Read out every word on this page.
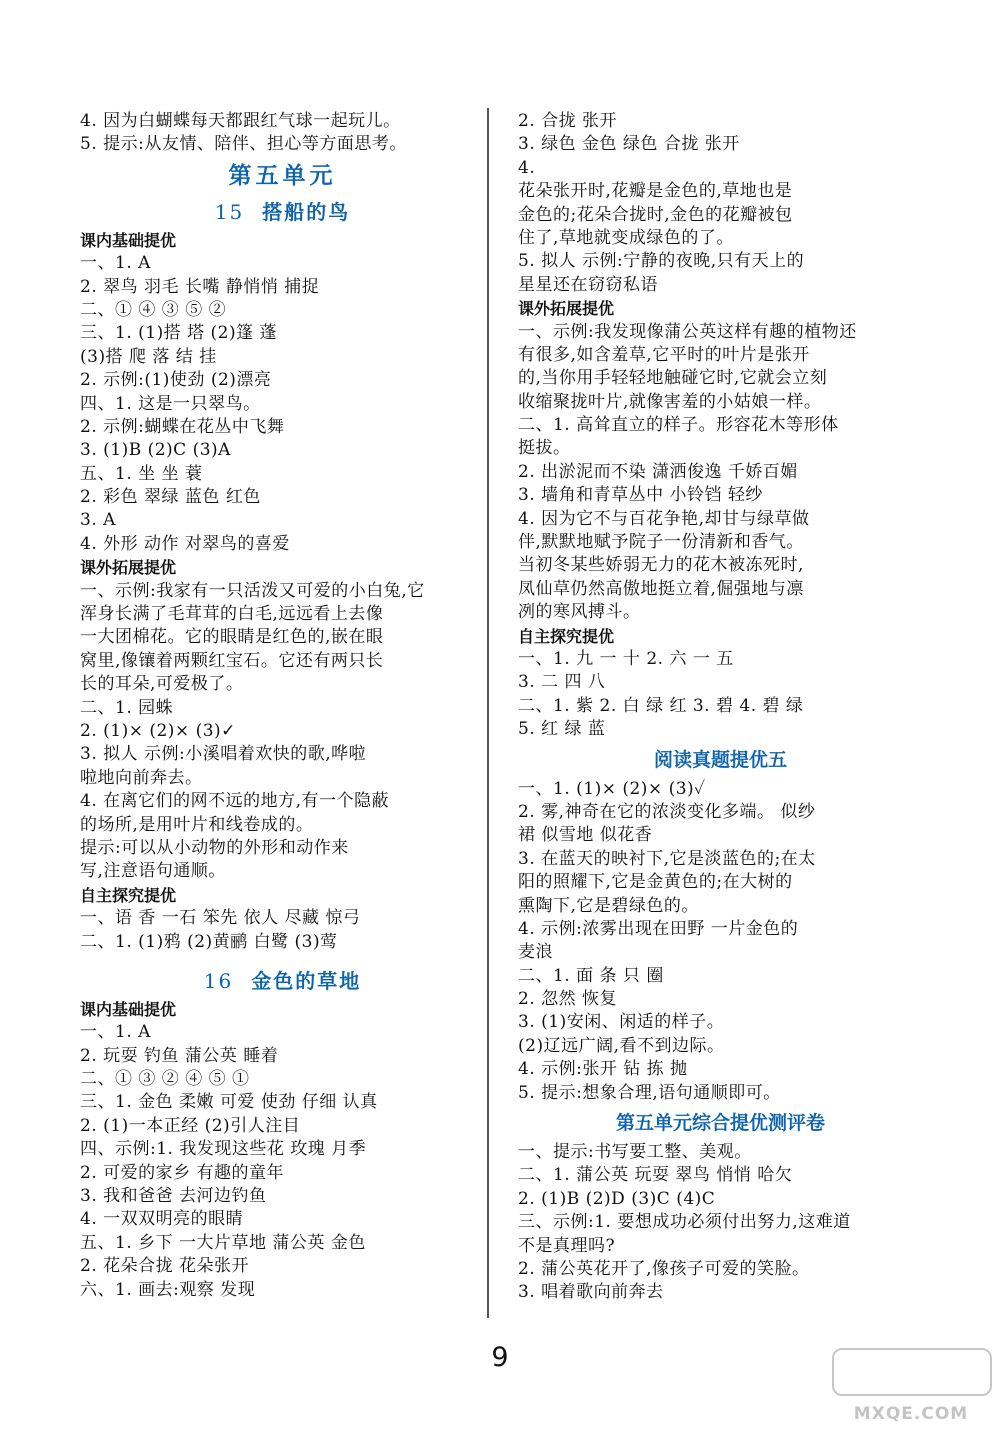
4. 因为白蝴蝶每天都跟红气球一起玩儿。
5. 提示:从友情、陪伴、担心等方面思考。
第五单元
15 搭船的鸟
课内基础提优
一、1. A
2. 翠鸟 羽毛 长嘴 静悄悄 捕捉
二、① ④ ③ ⑤ ②
三、1. (1)搭 塔 (2)篷 蓬
(3)搭 爬 落 结 挂
2. 示例:(1)使劲 (2)漂亮
四、1. 这是一只翠鸟。
2. 示例:蝴蝶在花丛中飞舞
3. (1)B (2)C (3)A
五、1. 坐 坐 蓑
2. 彩色 翠绿 蓝色 红色
3. A
4. 外形 动作 对翠鸟的喜爱
课外拓展提优
一、示例:我家有一只活泼又可爱的小白兔,它
浑身长满了毛茸茸的白毛,远远看上去像
一大团棉花。它的眼睛是红色的,嵌在眼
窝里,像镶着两颗红宝石。它还有两只长
长的耳朵,可爱极了。
二、1. 园蛛
2. (1)× (2)× (3)✓
3. 拟人 示例:小溪唱着欢快的歌,哗啦
啦地向前奔去。
4. 在离它们的网不远的地方,有一个隐蔽
的场所,是用叶片和线卷成的。
提示:可以从小动物的外形和动作来
写,注意语句通顺。
自主探究提优
一、语 香 一石 笨先 依人 尽藏 惊弓
二、1. (1)鸦 (2)黄鹂 白鹭 (3)莺
16 金色的草地
课内基础提优
一、1. A
2. 玩耍 钓鱼 蒲公英 睡着
二、① ③ ② ④ ⑤ ①
三、1. 金色 柔嫩 可爱 使劲 仔细 认真
2. (1)一本正经 (2)引人注目
四、示例:1. 我发现这些花 玫瑰 月季
2. 可爱的家乡 有趣的童年
3. 我和爸爸 去河边钓鱼
4. 一双双明亮的眼睛
五、1. 乡下 一大片草地 蒲公英 金色
2. 花朵合拢 花朵张开
六、1. 画去:观察 发现
2. 合拢 张开
3. 绿色 金色 绿色 合拢 张开
4.
花朵张开时,花瓣是金色的,草地也是
金色的;花朵合拢时,金色的花瓣被包
住了,草地就变成绿色的了。
5. 拟人 示例:宁静的夜晚,只有天上的
星星还在窃窃私语
课外拓展提优
一、示例:我发现像蒲公英这样有趣的植物还
有很多,如含羞草,它平时的叶片是张开
的,当你用手轻轻地触碰它时,它就会立刻
收缩聚拢叶片,就像害羞的小姑娘一样。
二、1. 高耸直立的样子。形容花木等形体
挺拔。
2. 出淤泥而不染 潇洒俊逸 千娇百媚
3. 墙角和青草丛中 小铃铛 轻纱
4. 因为它不与百花争艳,却甘与绿草做
伴,默默地赋予院子一份清新和香气。
当初冬某些娇弱无力的花木被冻死时,
凤仙草仍然高傲地挺立着,倔强地与凛
冽的寒风搏斗。
自主探究提优
一、1. 九 一 十 2. 六 一 五
3. 二 四 八
二、1. 紫 2. 白 绿 红 3. 碧 4. 碧 绿
5. 红 绿 蓝
阅读真题提优五
一、1. (1)× (2)× (3)✓
2. 雾,神奇在它的浓淡变化多端。 似纱
裙 似雪地 似花香
3. 在蓝天的映衬下,它是淡蓝色的;在太
阳的照耀下,它是金黄色的;在大树的
熏陶下,它是碧绿色的。
4. 示例:浓雾出现在田野 一片金色的
麦浪
二、1. 面 条 只 圈
2. 忽然 恢复
3. (1)安闲、闲适的样子。
(2)辽远广阔,看不到边际。
4. 示例:张开 钻 拣 抛
5. 提示:想象合理,语句通顺即可。
第五单元综合提优测评卷
一、提示:书写要工整、美观。
二、1. 蒲公英 玩耍 翠鸟 悄悄 哈欠
2. (1)B (2)D (3)C (4)C
三、示例:1. 要想成功必须付出努力,这难道
不是真理吗?
2. 蒲公英花开了,像孩子可爱的笑脸。
3. 唱着歌向前奔去
9
MXQE.COM
